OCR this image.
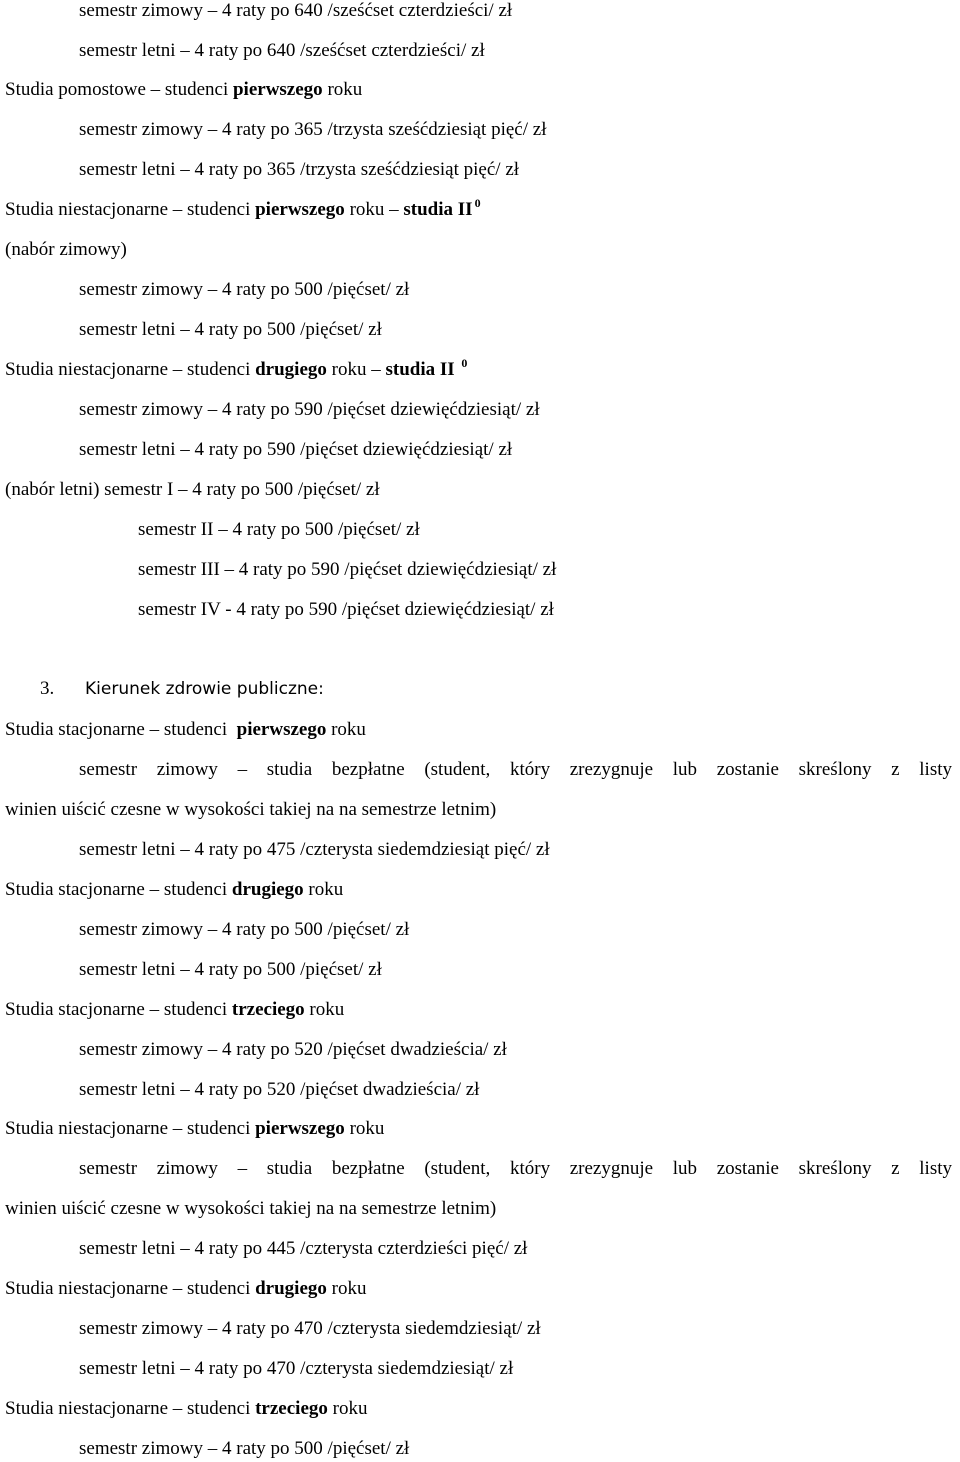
semestr zimowy – 4 raty po 640 /sześćset czterdzieści/ zł

semestr letni – 4 raty po 640 /sześćset czterdzieści/ zł

Studia pomostowe – studenci pierwszego roku

semestr zimowy – 4 raty po 365 /trzysta sześćdziesiąt pięć/ zł

semestr letni – 4 raty po 365 /trzysta sześćdziesiąt pięć/ zł

Studia niestacjonarne – studenci pierwszego roku – studia II $^0$

(nabór zimowy)

semestr zimowy – 4 raty po 500 /pięćset/ zł

semestr letni – 4 raty po 500 /pięćset/ zł

Studia niestacjonarne – studenci drugiego roku – studia II $^0$

semestr zimowy – 4 raty po 590 /pięćset dziewięćdziesiąt/ zł

semestr letni – 4 raty po 590 /pięćset dziewięćdziesiąt/ zł

(nabór letni) semestr I – 4 raty po 500 /pięćset/ zł

semestr II – 4 raty po 500 /pięćset/ zł

semestr III – 4 raty po 590 /pięćset dziewięćdziesiąt/ zł

semestr IV - 4 raty po 590 /pięćset dziewięćdziesiąt/ zł

3. Kierunek zdrowie publiczne:

Studia stacjonarne – studenci  pierwszego roku

semestr zimowy – studia bezpłatne (student, który zrezygnuje lub zostanie skreślony z listy

winien uiścić czesne w wysokości takiej na na semestrze letnim)

semestr letni – 4 raty po 475 /czterysta siedemdziesiąt pięć/ zł

Studia stacjonarne – studenci drugiego roku

semestr zimowy – 4 raty po 500 /pięćset/ zł

semestr letni – 4 raty po 500 /pięćset/ zł

Studia stacjonarne – studenci trzeciego roku

semestr zimowy – 4 raty po 520 /pięćset dwadzieścia/ zł

semestr letni – 4 raty po 520 /pięćset dwadzieścia/ zł

Studia niestacjonarne – studenci pierwszego roku

semestr zimowy – studia bezpłatne (student, który zrezygnuje lub zostanie skreślony z listy

winien uiścić czesne w wysokości takiej na na semestrze letnim)

semestr letni – 4 raty po 445 /czterysta czterdzieści pięć/ zł

Studia niestacjonarne – studenci drugiego roku

semestr zimowy – 4 raty po 470 /czterysta siedemdziesiąt/ zł

semestr letni – 4 raty po 470 /czterysta siedemdziesiąt/ zł

Studia niestacjonarne – studenci trzeciego roku

semestr zimowy – 4 raty po 500 /pięćset/ zł
